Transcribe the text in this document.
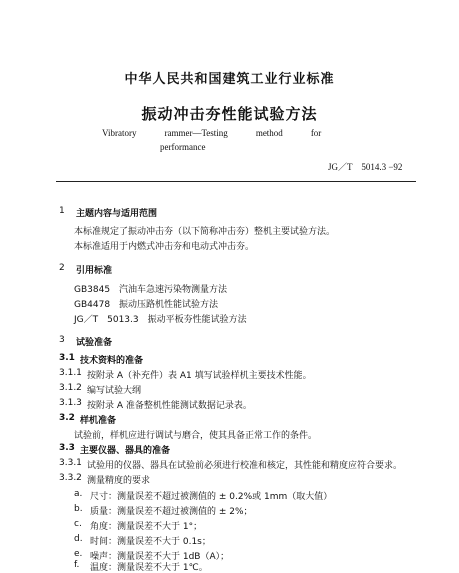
中华人民共和国建筑工业行业标准
振动冲击夯性能试验方法
Vibratory	rammer—Testing	method	for
performance
JG／T　5014.3 −92
1 主题内容与适用范围
本标准规定了振动冲击夯（以下简称冲击夯）整机主要试验方法。
本标准适用于内燃式冲击夯和电动式冲击夯。
2 引用标准
GB3845　汽油车急速污染物测量方法
GB4478　振动压路机性能试验方法
JG／T　5013.3　振动平板夯性能试验方法
3 试验准备
3.1 技术资料的准备
3.1.1 按附录 A（补充件）表 A1 填写试验样机主要技术性能。
3.1.2 编写试验大纲
3.1.3 按附录 A 准备整机性能测试数据记录表。
3.2 样机准备
试验前，样机应进行调试与磨合，使其具备正常工作的条件。
3.3 主要仪器、器具的准备
3.3.1 试验用的仪器、器具在试验前必须进行校准和核定，其性能和精度应符合要求。
3.3.2 测量精度的要求
a. 尺寸：测量误差不超过被测值的 ± 0.2%或 1mm（取大值）
b. 质量：测量误差不超过被测值的 ± 2%；
c. 角度：测量误差不大于 1°；
d. 时间：测量误差不大于 0.1s；
e. 噪声：测量误差不大于 1dB（A）；
f. 温度：测量误差不大于 1℃。
